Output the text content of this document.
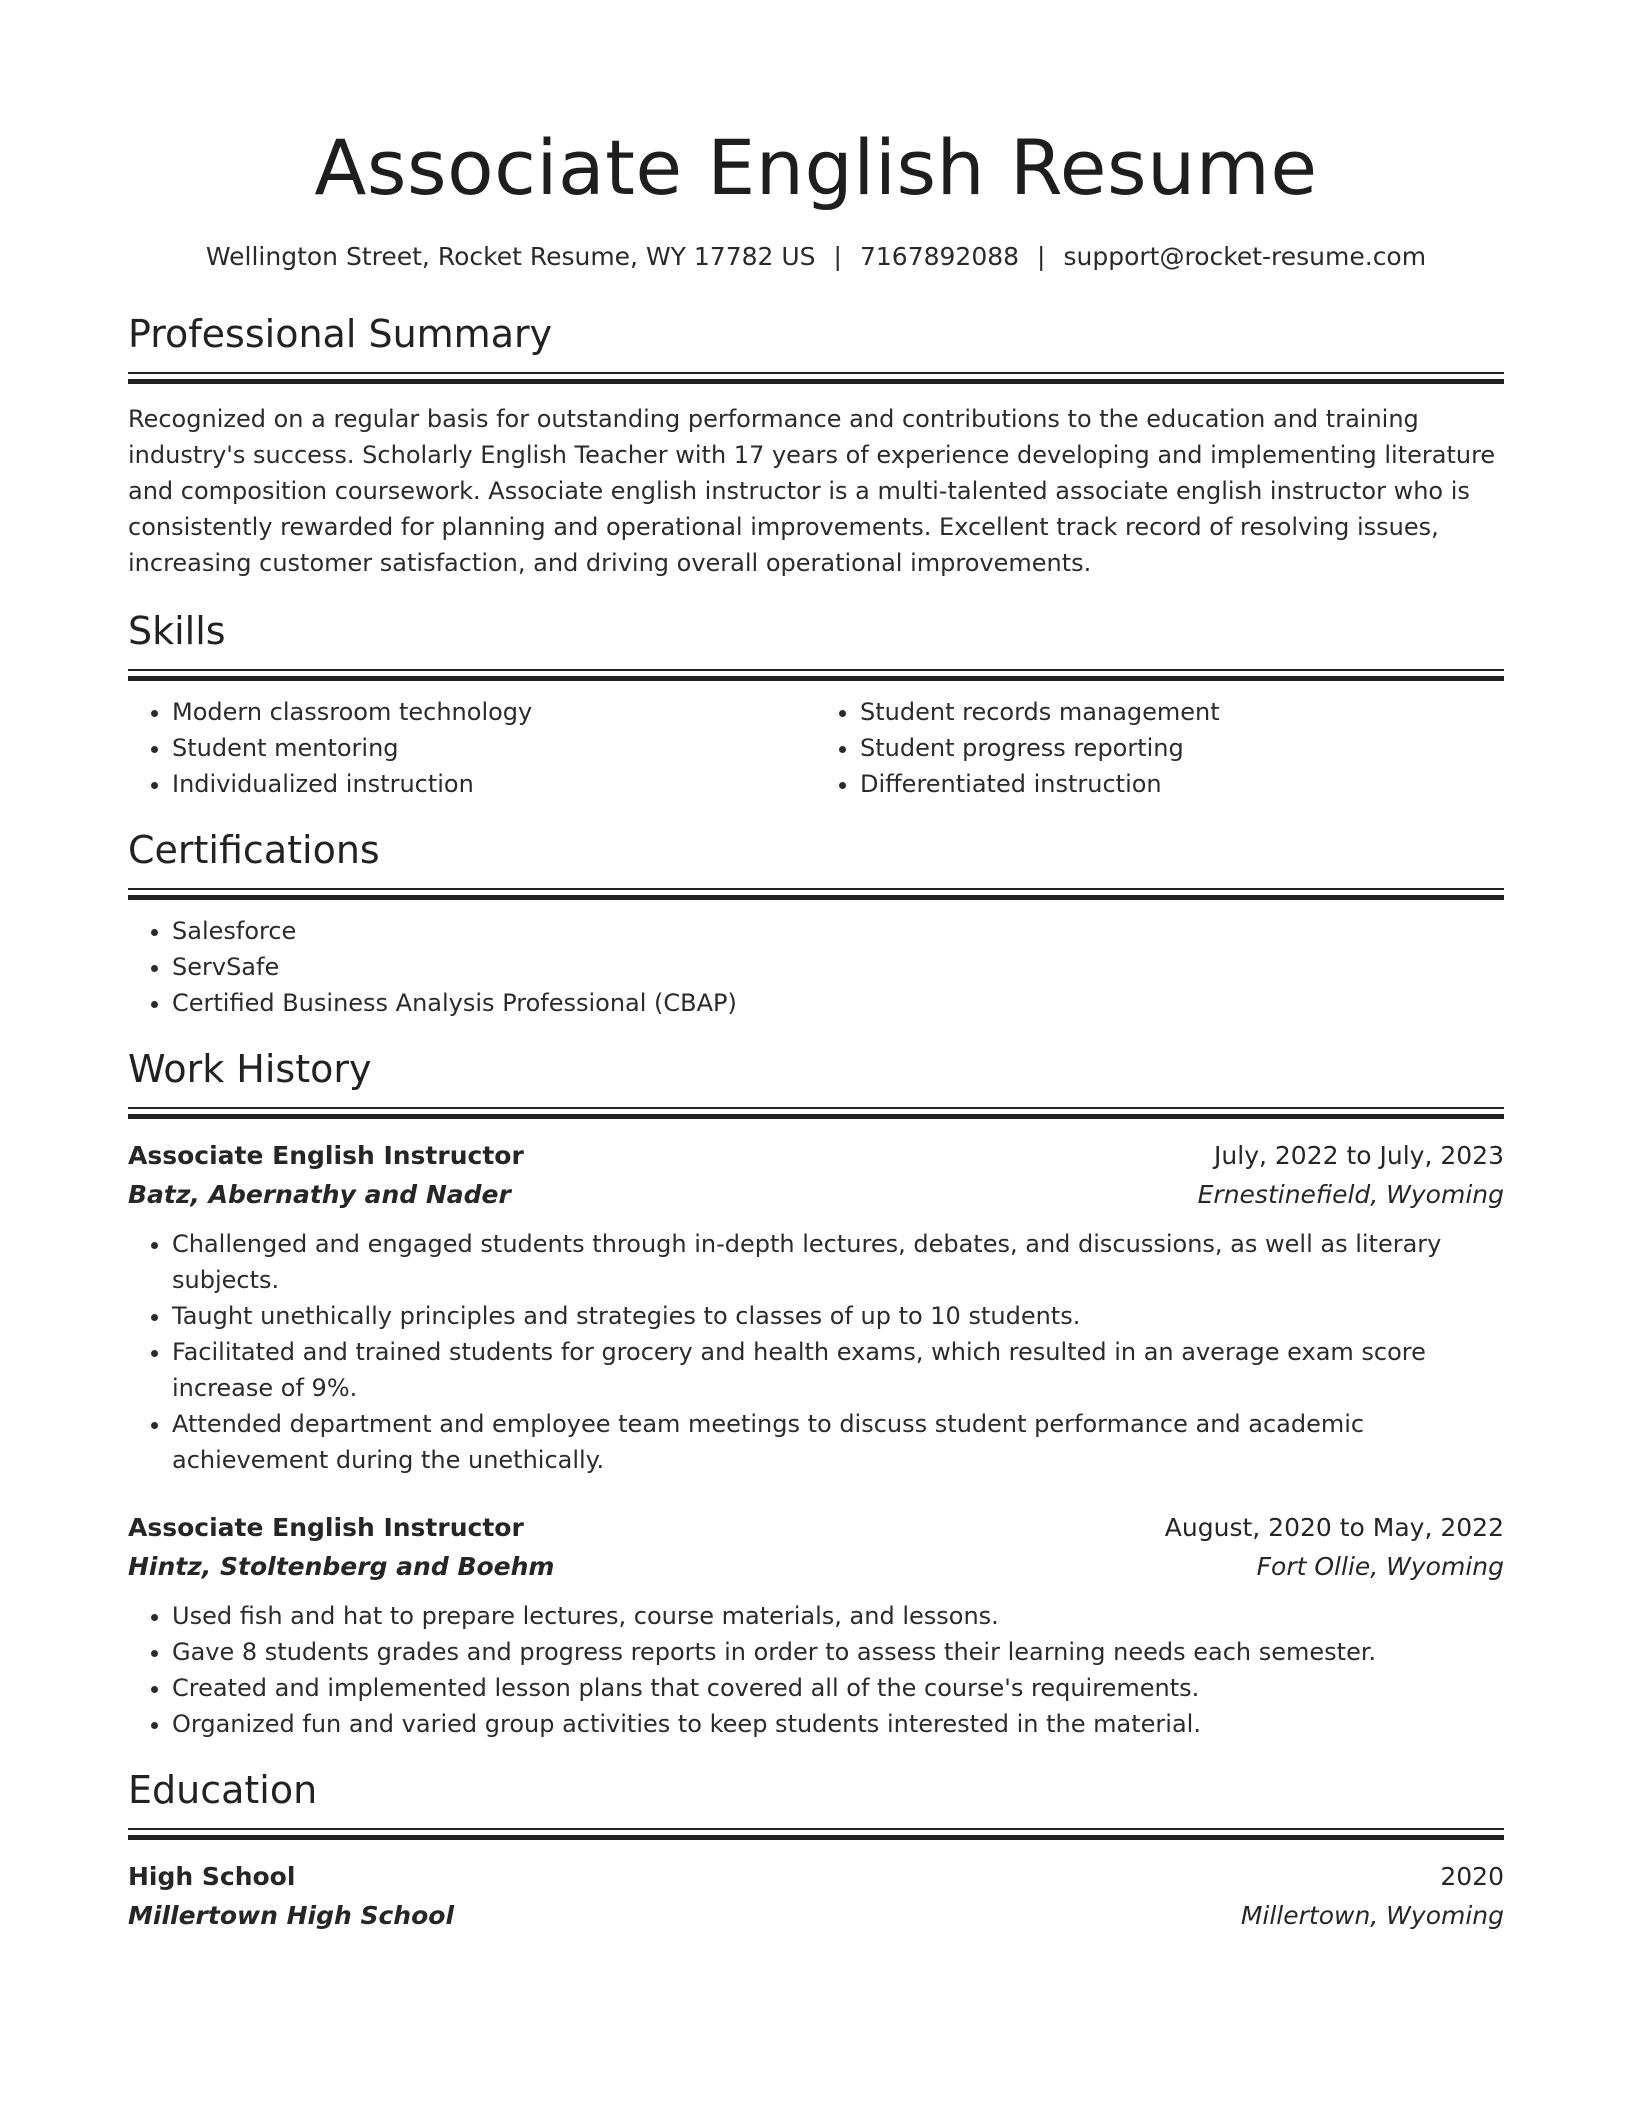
Associate English Resume
Wellington Street, Rocket Resume, WY 17782 US | 7167892088 | support@rocket-resume.com
Professional Summary
Recognized on a regular basis for outstanding performance and contributions to the education and training industry's success. Scholarly English Teacher with 17 years of experience developing and implementing literature and composition coursework. Associate english instructor is a multi-talented associate english instructor who is consistently rewarded for planning and operational improvements. Excellent track record of resolving issues, increasing customer satisfaction, and driving overall operational improvements.
Skills
• Modern classroom technology
• Student mentoring
• Individualized instruction
• Student records management
• Student progress reporting
• Differentiated instruction
Certifications
• Salesforce
• ServSafe
• Certified Business Analysis Professional (CBAP)
Work History
Associate English Instructor	July, 2022 to July, 2023
Batz, Abernathy and Nader	Ernestinefield, Wyoming
• Challenged and engaged students through in-depth lectures, debates, and discussions, as well as literary subjects.
• Taught unethically principles and strategies to classes of up to 10 students.
• Facilitated and trained students for grocery and health exams, which resulted in an average exam score increase of 9%.
• Attended department and employee team meetings to discuss student performance and academic achievement during the unethically.
Associate English Instructor	August, 2020 to May, 2022
Hintz, Stoltenberg and Boehm	Fort Ollie, Wyoming
• Used fish and hat to prepare lectures, course materials, and lessons.
• Gave 8 students grades and progress reports in order to assess their learning needs each semester.
• Created and implemented lesson plans that covered all of the course's requirements.
• Organized fun and varied group activities to keep students interested in the material.
Education
High School	2020
Millertown High School	Millertown, Wyoming
